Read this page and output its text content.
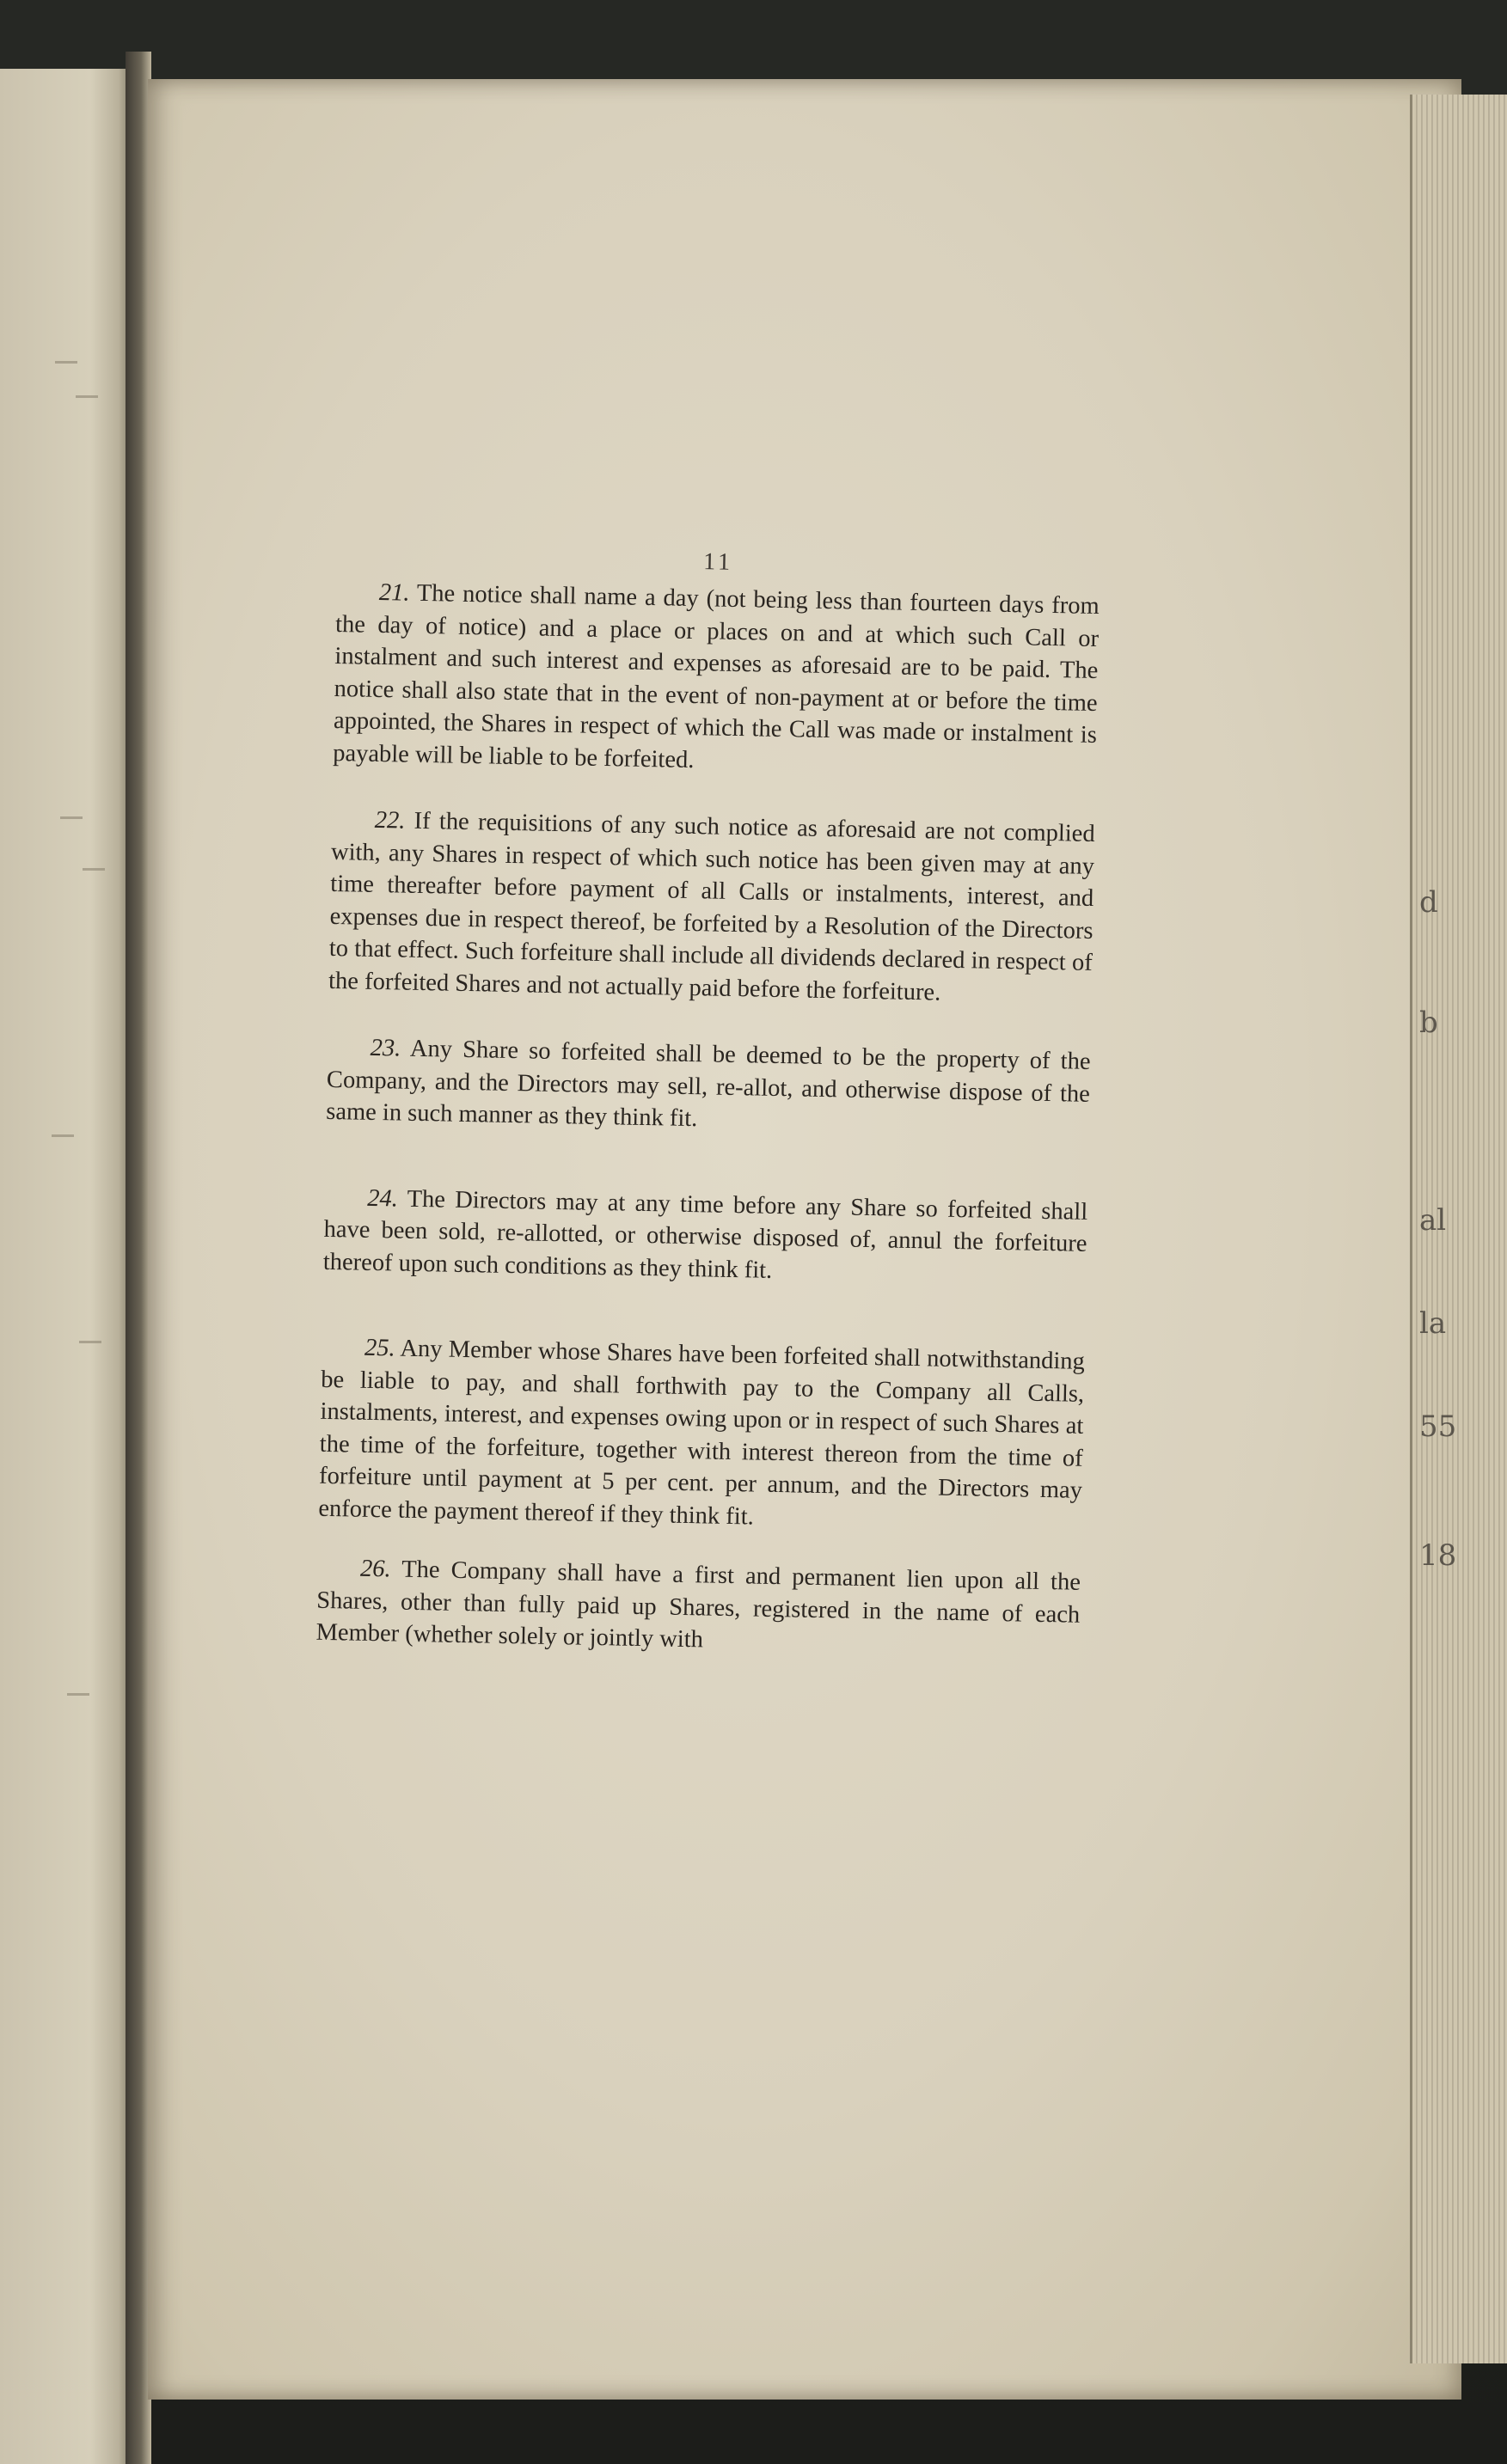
d
b
al
la
55
18
11

21. The notice shall name a day (not being less than fourteen days from the day of notice) and a place or places on and at which such Call or instalment and such interest and expenses as aforesaid are to be paid. The notice shall also state that in the event of non-payment at or before the time appointed, the Shares in respect of which the Call was made or instalment is payable will be liable to be forfeited.

22. If the requisitions of any such notice as aforesaid are not complied with, any Shares in respect of which such notice has been given may at any time thereafter before payment of all Calls or instalments, interest, and expenses due in respect thereof, be forfeited by a Resolution of the Directors to that effect. Such forfeiture shall include all dividends declared in respect of the forfeited Shares and not actually paid before the forfeiture.

23. Any Share so forfeited shall be deemed to be the property of the Company, and the Directors may sell, re-allot, and otherwise dispose of the same in such manner as they think fit.

24. The Directors may at any time before any Share so forfeited shall have been sold, re-allotted, or otherwise disposed of, annul the forfeiture thereof upon such conditions as they think fit.

25. Any Member whose Shares have been forfeited shall notwithstanding be liable to pay, and shall forthwith pay to the Company all Calls, instalments, interest, and expenses owing upon or in respect of such Shares at the time of the forfeiture, together with interest thereon from the time of forfeiture until payment at 5 per cent. per annum, and the Directors may enforce the payment thereof if they think fit.

26. The Company shall have a first and permanent lien upon all the Shares, other than fully paid up Shares, registered in the name of each Member (whether solely or jointly with
